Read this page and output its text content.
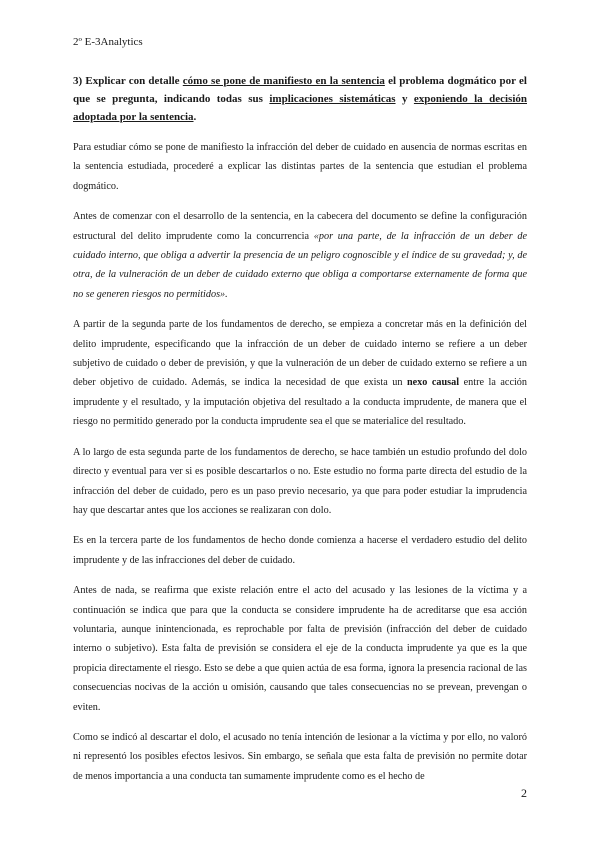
2º E-3Analytics

3) Explicar con detalle cómo se pone de manifiesto en la sentencia el problema dogmático por el que se pregunta, indicando todas sus implicaciones sistemáticas y exponiendo la decisión adoptada por la sentencia.

Para estudiar cómo se pone de manifiesto la infracción del deber de cuidado en ausencia de normas escritas en la sentencia estudiada, procederé a explicar las distintas partes de la sentencia que estudian el problema dogmático.

Antes de comenzar con el desarrollo de la sentencia, en la cabecera del documento se define la configuración estructural del delito imprudente como la concurrencia «por una parte, de la infracción de un deber de cuidado interno, que obliga a advertir la presencia de un peligro cognoscible y el índice de su gravedad; y, de otra, de la vulneración de un deber de cuidado externo que obliga a comportarse externamente de forma que no se generen riesgos no permitidos».

A partir de la segunda parte de los fundamentos de derecho, se empieza a concretar más en la definición del delito imprudente, especificando que la infracción de un deber de cuidado interno se refiere a un deber subjetivo de cuidado o deber de previsión, y que la vulneración de un deber de cuidado externo se refiere a un deber objetivo de cuidado. Además, se indica la necesidad de que exista un nexo causal entre la acción imprudente y el resultado, y la imputación objetiva del resultado a la conducta imprudente, de manera que el riesgo no permitido generado por la conducta imprudente sea el que se materialice del resultado.

A lo largo de esta segunda parte de los fundamentos de derecho, se hace también un estudio profundo del dolo directo y eventual para ver si es posible descartarlos o no. Este estudio no forma parte directa del estudio de la infracción del deber de cuidado, pero es un paso previo necesario, ya que para poder estudiar la imprudencia hay que descartar antes que los acciones se realizaran con dolo.

Es en la tercera parte de los fundamentos de hecho donde comienza a hacerse el verdadero estudio del delito imprudente y de las infracciones del deber de cuidado.

Antes de nada, se reafirma que existe relación entre el acto del acusado y las lesiones de la víctima y a continuación se indica que para que la conducta se considere imprudente ha de acreditarse que esa acción voluntaria, aunque inintencionada, es reprochable por falta de previsión (infracción del deber de cuidado interno o subjetivo). Esta falta de previsión se considera el eje de la conducta imprudente ya que es la que propicia directamente el riesgo. Esto se debe a que quien actúa de esa forma, ignora la presencia racional de las consecuencias nocivas de la acción u omisión, causando que tales consecuencias no se prevean, prevengan o eviten.

Como se indicó al descartar el dolo, el acusado no tenía intención de lesionar a la víctima y por ello, no valoró ni representó los posibles efectos lesivos. Sin embargo, se señala que esta falta de previsión no permite dotar de menos importancia a una conducta tan sumamente imprudente como es el hecho de

2
